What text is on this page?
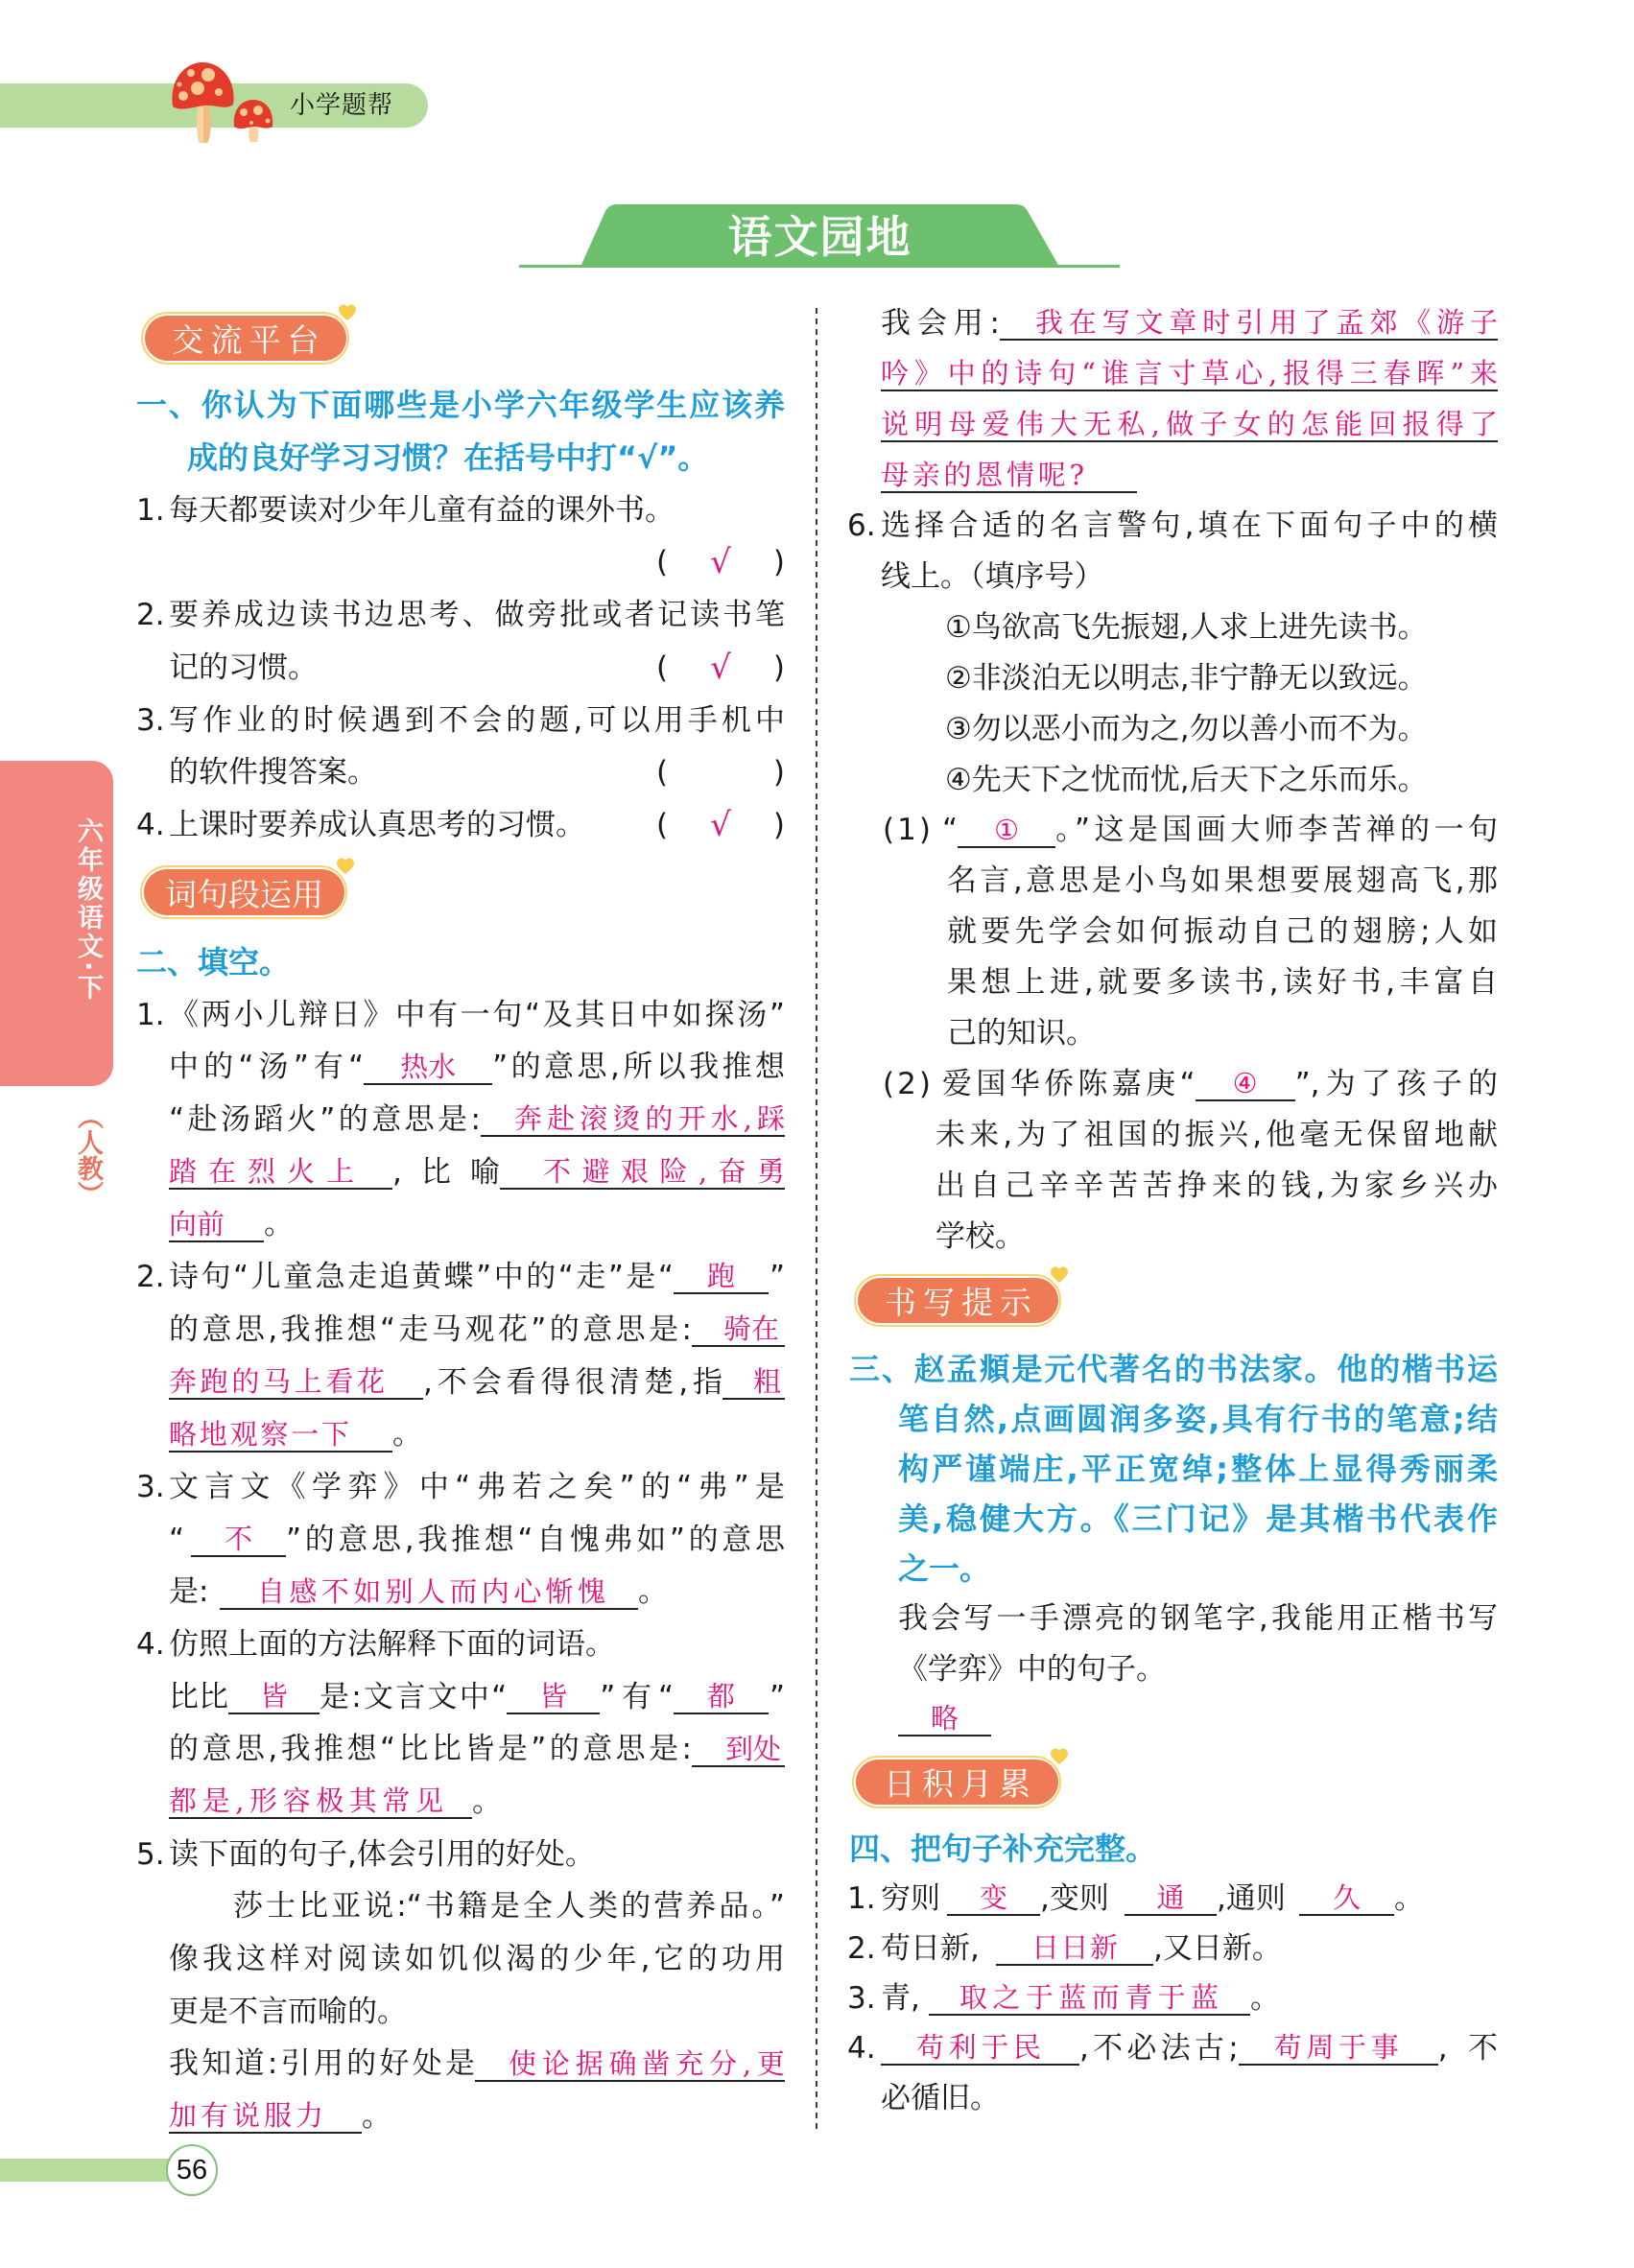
小学题帮
语文园地
六年级语文·下
（人教）
交流平台
词句段运用
书写提示
日积月累
一、你认为下面哪些是小学六年级学生应该养
成的良好学习习惯？在括号中打“√”。
1. 每天都要读对少年儿童有益的课外书。
( √ )
2. 要养成边读书边思考、做旁批或者记读书笔
记的习惯。	( √ )
3. 写作业的时候遇到不会的题,可以用手机中
的软件搜答案。	(	)
4. 上课时要养成认真思考的习惯。 ( √ )
二、填空。
1. 《两小儿辩日》中有一句“及其日中如探汤”
中的“汤”有“	热水	”的意思,所以我推想
“赴汤蹈火”的意思是:	奔赴滚烫的开水,踩
踏在烈火上	,比喻	不避艰险,奋勇
向前	。
2. 诗句“儿童急走追黄蝶”中的“走”是“	跑	”
的意思,我推想“走马观花”的意思是:	骑在
奔跑的马上看花	,不会看得很清楚,指	粗
略地观察一下	。
3. 文言文《学弈》中“弗若之矣”的“弗”是
“	不	”的意思,我推想“自愧弗如”的意思
是:	自感不如别人而内心惭愧	。
4. 仿照上面的方法解释下面的词语。
比比	皆	是:文言文中“	皆	”有“	都	”
的意思,我推想“比比皆是”的意思是:	到处
都是,形容极其常见 。
5. 读下面的句子,体会引用的好处。
莎士比亚说:“书籍是全人类的营养品。”
像我这样对阅读如饥似渴的少年,它的功用
更是不言而喻的。
我知道:引用的好处是	使论据确凿充分,更
加有说服力	。
我会用:	我在写文章时引用了孟郊《游子
吟》中的诗句“谁言寸草心,报得三春晖”来
说明母爱伟大无私,做子女的怎能回报得了
母亲的恩情呢?
6. 选择合适的名言警句,填在下面句子中的横
线上。（填序号）
①鸟欲高飞先振翅,人求上进先读书。
②非淡泊无以明志,非宁静无以致远。
③勿以恶小而为之,勿以善小而不为。
④先天下之忧而忧,后天下之乐而乐。
(1) “	①	。”这是国画大师李苦禅的一句
名言,意思是小鸟如果想要展翅高飞,那
就要先学会如何振动自己的翅膀;人如
果想上进,就要多读书,读好书,丰富自
己的知识。
(2) 爱国华侨陈嘉庚“	④	”,为了孩子的
未来,为了祖国的振兴,他毫无保留地献
出自己辛辛苦苦挣来的钱,为家乡兴办
学校。
三、赵孟頫是元代著名的书法家。他的楷书运
笔自然,点画圆润多姿,具有行书的笔意;结
构严谨端庄,平正宽绰;整体上显得秀丽柔
美,稳健大方。《三门记》是其楷书代表作
之一。
我会写一手漂亮的钢笔字,我能用正楷书写
《学弈》中的句子。
略
四、把句子补充完整。
1. 穷则	变	,变则	通	,通则	久	。
2. 苟日新,	日日新	,又日新。
3. 青,	取之于蓝而青于蓝	。
4.	苟利于民	,不必法古;	苟周于事	,不
必循旧。
56
